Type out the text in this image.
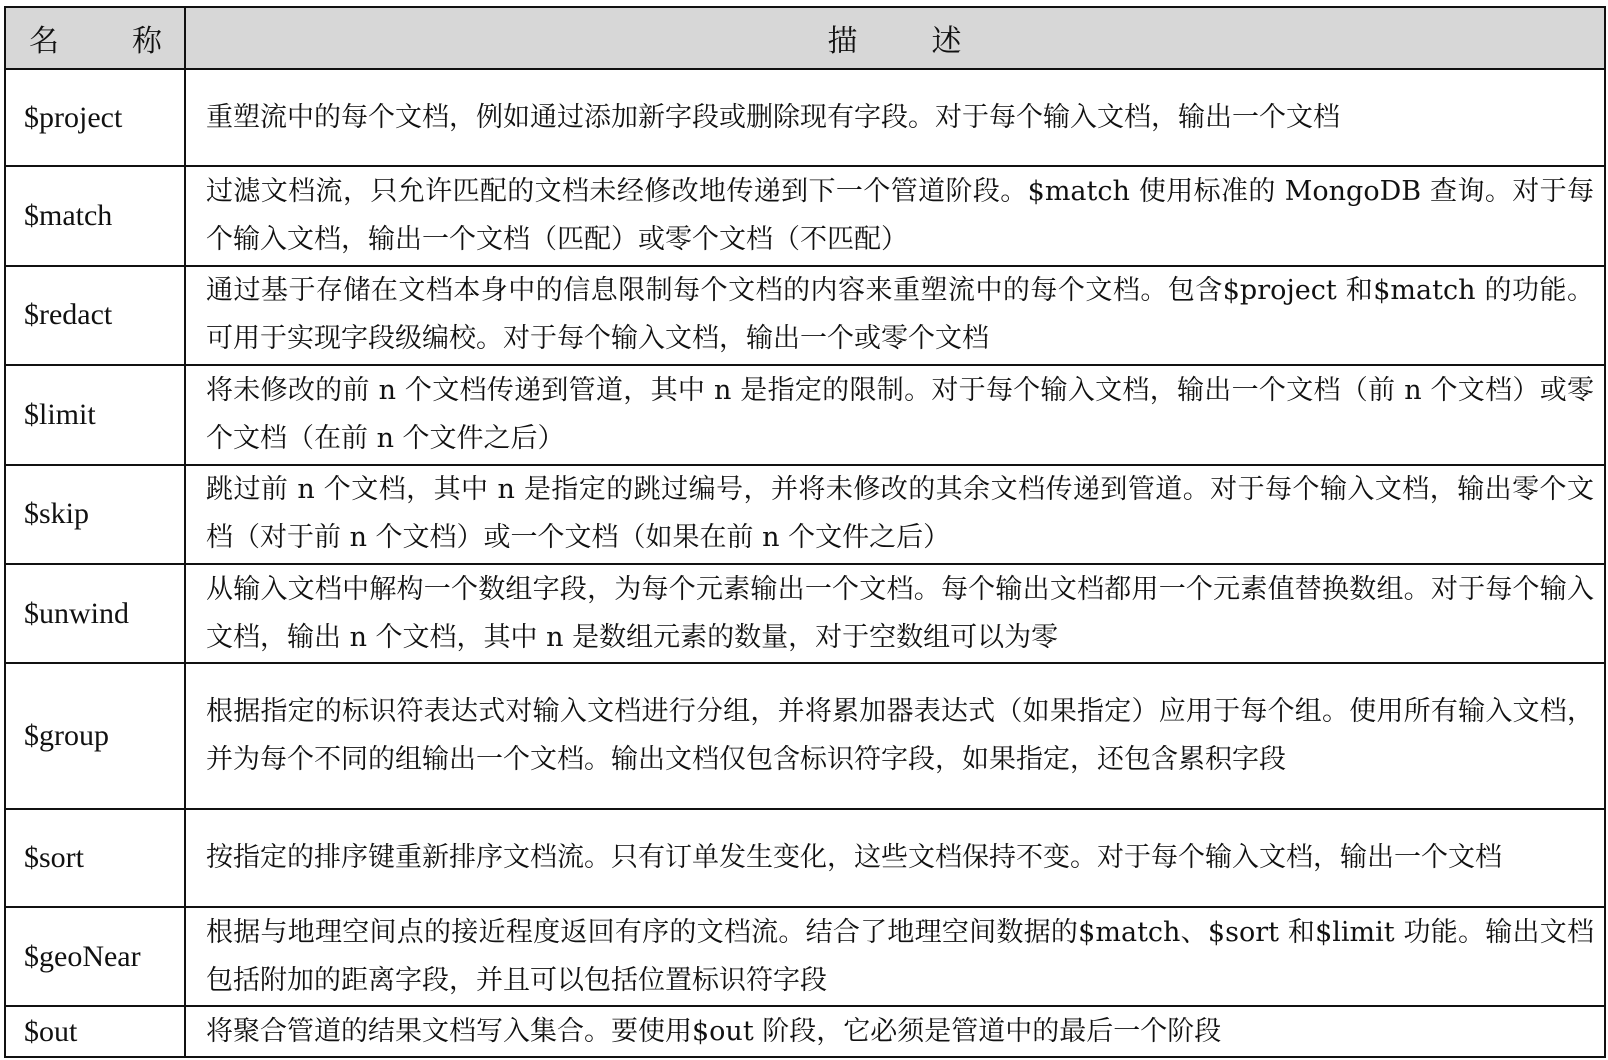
名 称	描 述

$project	重塑流中的每个文档，例如通过添加新字段或删除现有字段。对于每个输入文档，输出一个文档
$match	过滤文档流，只允许匹配的文档未经修改地传递到下一个管道阶段。$match 使用标准的 MongoDB 查询。对于每个输入文档，输出一个文档（匹配）或零个文档（不匹配）
$redact	通过基于存储在文档本身中的信息限制每个文档的内容来重塑流中的每个文档。包含$project 和$match 的功能。可用于实现字段级编校。对于每个输入文档，输出一个或零个文档
$limit	将未修改的前 n 个文档传递到管道，其中 n 是指定的限制。对于每个输入文档，输出一个文档（前 n 个文档）或零个文档（在前 n 个文件之后）
$skip	跳过前 n 个文档，其中 n 是指定的跳过编号，并将未修改的其余文档传递到管道。对于每个输入文档，输出零个文档（对于前 n 个文档）或一个文档（如果在前 n 个文件之后）
$unwind	从输入文档中解构一个数组字段，为每个元素输出一个文档。每个输出文档都用一个元素值替换数组。对于每个输入文档，输出 n 个文档，其中 n 是数组元素的数量，对于空数组可以为零
$group	根据指定的标识符表达式对输入文档进行分组，并将累加器表达式（如果指定）应用于每个组。使用所有输入文档，并为每个不同的组输出一个文档。输出文档仅包含标识符字段，如果指定，还包含累积字段
$sort	按指定的排序键重新排序文档流。只有订单发生变化，这些文档保持不变。对于每个输入文档，输出一个文档
$geoNear	根据与地理空间点的接近程度返回有序的文档流。结合了地理空间数据的$match、$sort 和$limit 功能。输出文档包括附加的距离字段，并且可以包括位置标识符字段
$out	将聚合管道的结果文档写入集合。要使用$out 阶段，它必须是管道中的最后一个阶段
